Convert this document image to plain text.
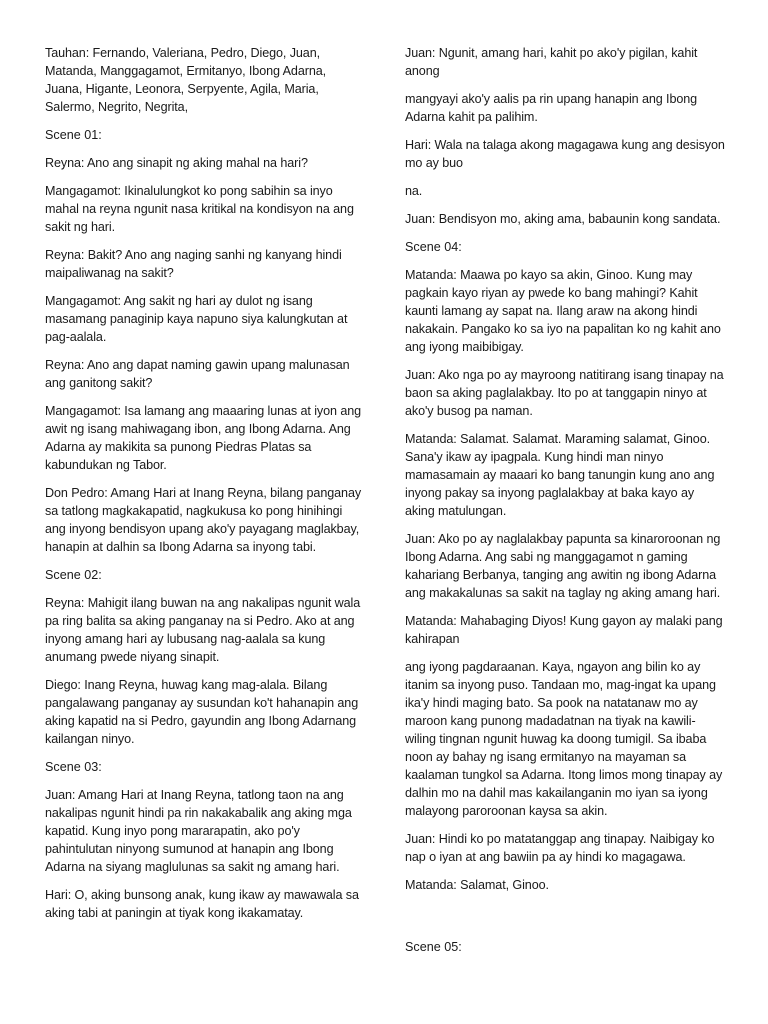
Tauhan: Fernando, Valeriana, Pedro, Diego, Juan, Matanda, Manggagamot, Ermitanyo, Ibong Adarna, Juana, Higante, Leonora, Serpyente, Agila, Maria, Salermo, Negrito, Negrita,

Scene 01:

Reyna: Ano ang sinapit ng aking mahal na hari?

Mangagamot: Ikinalulungkot ko pong sabihin sa inyo mahal na reyna ngunit nasa kritikal na kondisyon na ang sakit ng hari.

Reyna: Bakit? Ano ang naging sanhi ng kanyang hindi maipaliwanag na sakit?

Mangagamot: Ang sakit ng hari ay dulot ng isang masamang panaginip kaya napuno siya kalungkutan at pag-aalala.

Reyna: Ano ang dapat naming gawin upang malunasan ang ganitong sakit?

Mangagamot: Isa lamang ang maaaring lunas at iyon ang awit ng isang mahiwagang ibon, ang Ibong Adarna. Ang Adarna ay makikita sa punong Piedras Platas sa kabundukan ng Tabor.

Don Pedro: Amang Hari at Inang Reyna, bilang panganay sa tatlong magkakapatid, nagkukusa ko pong hinihingi ang inyong bendisyon upang ako'y payagang maglakbay, hanapin at dalhin sa Ibong Adarna sa inyong tabi.

Scene 02:

Reyna: Mahigit ilang buwan na ang nakalipas ngunit wala pa ring balita sa aking panganay na si Pedro. Ako at ang inyong amang hari ay lubusang nag-aalala sa kung anumang pwede niyang sinapit.

Diego: Inang Reyna, huwag kang mag-alala. Bilang pangalawang panganay ay susundan ko't hahanapin ang aking kapatid na si Pedro, gayundin ang Ibong Adarnang kailangan ninyo.

Scene 03:

Juan: Amang Hari at Inang Reyna, tatlong taon na ang nakalipas ngunit hindi pa rin nakakabalik ang aking mga kapatid. Kung inyo pong mararapatin, ako po'y pahintulutan ninyong sumunod at hanapin ang Ibong Adarna na siyang maglulunas sa sakit ng amang hari.

Hari: O, aking bunsong anak, kung ikaw ay mawawala sa aking tabi at paningin at tiyak kong ikakamatay.

Juan: Ngunit, amang hari, kahit po ako'y pigilan, kahit anong

mangyayi ako'y aalis pa rin upang hanapin ang Ibong Adarna kahit pa palihim.

Hari: Wala na talaga akong magagawa kung ang desisyon mo ay buo

na.

Juan: Bendisyon mo, aking ama, babaunin kong sandata.

Scene 04:

Matanda: Maawa po kayo sa akin, Ginoo. Kung may pagkain kayo riyan ay pwede ko bang mahingi? Kahit kaunti lamang ay sapat na. Ilang araw na akong hindi nakakain. Pangako ko sa iyo na papalitan ko ng kahit ano ang iyong maibibigay.

Juan: Ako nga po ay mayroong natitirang isang tinapay na baon sa aking paglalakbay. Ito po at tanggapin ninyo at ako'y busog pa naman.

Matanda: Salamat. Salamat. Maraming salamat, Ginoo. Sana'y ikaw ay ipagpala. Kung hindi man ninyo mamasamain ay maaari ko bang tanungin kung ano ang inyong pakay sa inyong paglalakbay at baka kayo ay aking matulungan.

Juan: Ako po ay naglalakbay papunta sa kinaroroonan ng Ibong Adarna. Ang sabi ng manggagamot n gaming kahariang Berbanya, tanging ang awitin ng ibong Adarna ang makakalunas sa sakit na taglay ng aking amang hari.

Matanda: Mahabaging Diyos! Kung gayon ay malaki pang kahirapan

ang iyong pagdaraanan. Kaya, ngayon ang bilin ko ay itanim sa inyong puso. Tandaan mo, mag-ingat ka upang ika'y hindi maging bato. Sa pook na natatanaw mo ay maroon kang punong madadatnan na tiyak na kawili-wiling tingnan ngunit huwag ka doong tumigil. Sa ibaba noon ay bahay ng isang ermitanyo na mayaman sa kaalaman tungkol sa Adarna. Itong limos mong tinapay ay dalhin mo na dahil mas kakailanganin mo iyan sa iyong malayong paroroonan kaysa sa akin.

Juan: Hindi ko po matatanggap ang tinapay. Naibigay ko nap o iyan at ang bawiin pa ay hindi ko magagawa.

Matanda: Salamat, Ginoo.

Scene 05:
